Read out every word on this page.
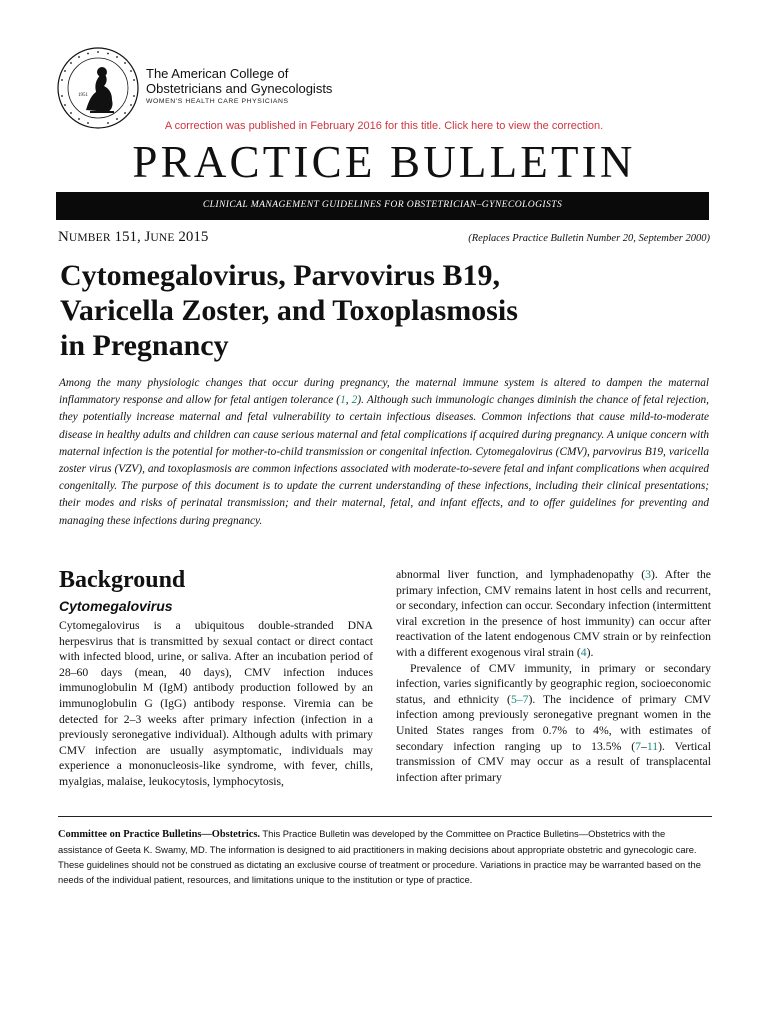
1951
The American College of
Obstetricians and Gynecologists
WOMEN'S HEALTH CARE PHYSICIANS
A correction was published in February 2016 for this title. Click here to view the correction.
PRACTICE BULLETIN
CLINICAL MANAGEMENT GUIDELINES FOR OBSTETRICIAN–GYNECOLOGISTS
NUMBER 151, JUNE 2015	(Replaces Practice Bulletin Number 20, September 2000)
Cytomegalovirus, Parvovirus B19,
Varicella Zoster, and Toxoplasmosis
in Pregnancy
Among the many physiologic changes that occur during pregnancy, the maternal immune system is altered to dampen the maternal inflammatory response and allow for fetal antigen tolerance (1, 2). Although such immunologic changes diminish the chance of fetal rejection, they potentially increase maternal and fetal vulnerability to certain infectious diseases. Common infections that cause mild-to-moderate disease in healthy adults and children can cause serious maternal and fetal complications if acquired during pregnancy. A unique concern with maternal infection is the potential for mother-to-child transmission or congenital infection. Cytomegalovirus (CMV), parvovirus B19, varicella zoster virus (VZV), and toxoplasmosis are common infections associated with moderate-to-severe fetal and infant complications when acquired congenitally. The purpose of this document is to update the current understanding of these infections, including their clinical presentations; their modes and risks of perinatal transmission; and their maternal, fetal, and infant effects, and to offer guidelines for preventing and managing these infections during pregnancy.
Background
Cytomegalovirus

Cytomegalovirus is a ubiquitous double-stranded DNA herpesvirus that is transmitted by sexual contact or direct contact with infected blood, urine, or saliva. After an incubation period of 28–60 days (mean, 40 days), CMV infection induces immunoglobulin M (IgM) antibody production followed by an immunoglobulin G (IgG) antibody response. Viremia can be detected for 2–3 weeks after primary infection (infection in a previously seronegative individual). Although adults with primary CMV infection are usually asymptomatic, individuals may experience a mononucleosis-like syndrome, with fever, chills, myalgias, malaise, leukocytosis, lymphocytosis,

abnormal liver function, and lymphadenopathy (3). After the primary infection, CMV remains latent in host cells and recurrent, or secondary, infection can occur. Secondary infection (intermittent viral excretion in the presence of host immunity) can occur after reactivation of the latent endogenous CMV strain or by reinfection with a different exogenous viral strain (4).

Prevalence of CMV immunity, in primary or secondary infection, varies significantly by geographic region, socioeconomic status, and ethnicity (5–7). The incidence of primary CMV infection among previously seronegative pregnant women in the United States ranges from 0.7% to 4%, with estimates of secondary infection ranging up to 13.5% (7–11). Vertical transmission of CMV may occur as a result of transplacental infection after primary

Committee on Practice Bulletins—Obstetrics. This Practice Bulletin was developed by the Committee on Practice Bulletins—Obstetrics with the assistance of Geeta K. Swamy, MD. The information is designed to aid practitioners in making decisions about appropriate obstetric and gynecologic care. These guidelines should not be construed as dictating an exclusive course of treatment or procedure. Variations in practice may be warranted based on the needs of the individual patient, resources, and limitations unique to the institution or type of practice.
